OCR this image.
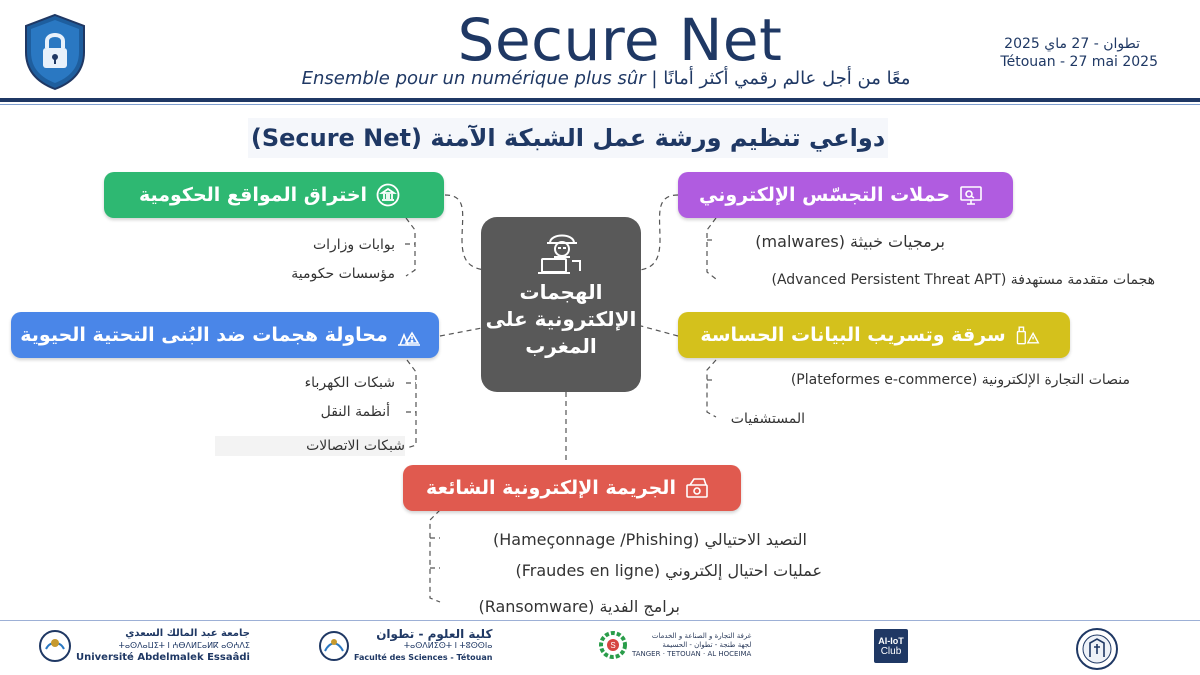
Secure Net
Ensemble pour un numérique plus sûr | معًا من أجل عالم رقمي أكثر أمانًا
تطوان - 27 ماي 2025
Tétouan - 27 mai 2025
دواعي تنظيم ورشة عمل الشبكة الآمنة (Secure Net)
الهجمات الإلكترونية على المغرب
اختراق المواقع الحكومية
بوابات وزارات
مؤسسات حكومية
محاولة هجمات ضد البُنى التحتية الحيوية
شبكات الكهرباء
أنظمة النقل
شبكات الاتصالات
حملات التجسّس الإلكتروني
برمجيات خبيثة (malwares)
هجمات متقدمة مستهدفة (Advanced Persistent Threat APT)
سرقة وتسريب البيانات الحساسة
منصات التجارة الإلكترونية (Plateformes e-commerce)
المستشفيات
الجريمة الإلكترونية الشائعة
التصيد الاحتيالي (Hameçonnage /Phishing)
عمليات احتيال إلكتروني (Fraudes en ligne)
برامج الفدية (Ransomware)
جامعة عبد المالك السعدي
ⵜⴰⵙⴷⴰⵡⵉⵜ ⵏ ⵄⴱⴷⵍⵎⴰⵍⴽ ⴰⵙⵄⴷⵉ
Université Abdelmalek Essaâdi
كلية العلوم - تطوان
ⵜⴰⵙⴷⵍⵉⵙⵜ ⵏ ⵜⵓⵙⵙⵏⴰ
Faculté des Sciences - Tétouan
S
غرفة التجارة و الصناعة و الخدمات
لجهة طنجة - تطوان - الحسيمة
TANGER · TETOUAN · AL HOCEIMA
AI-IoT
Club
